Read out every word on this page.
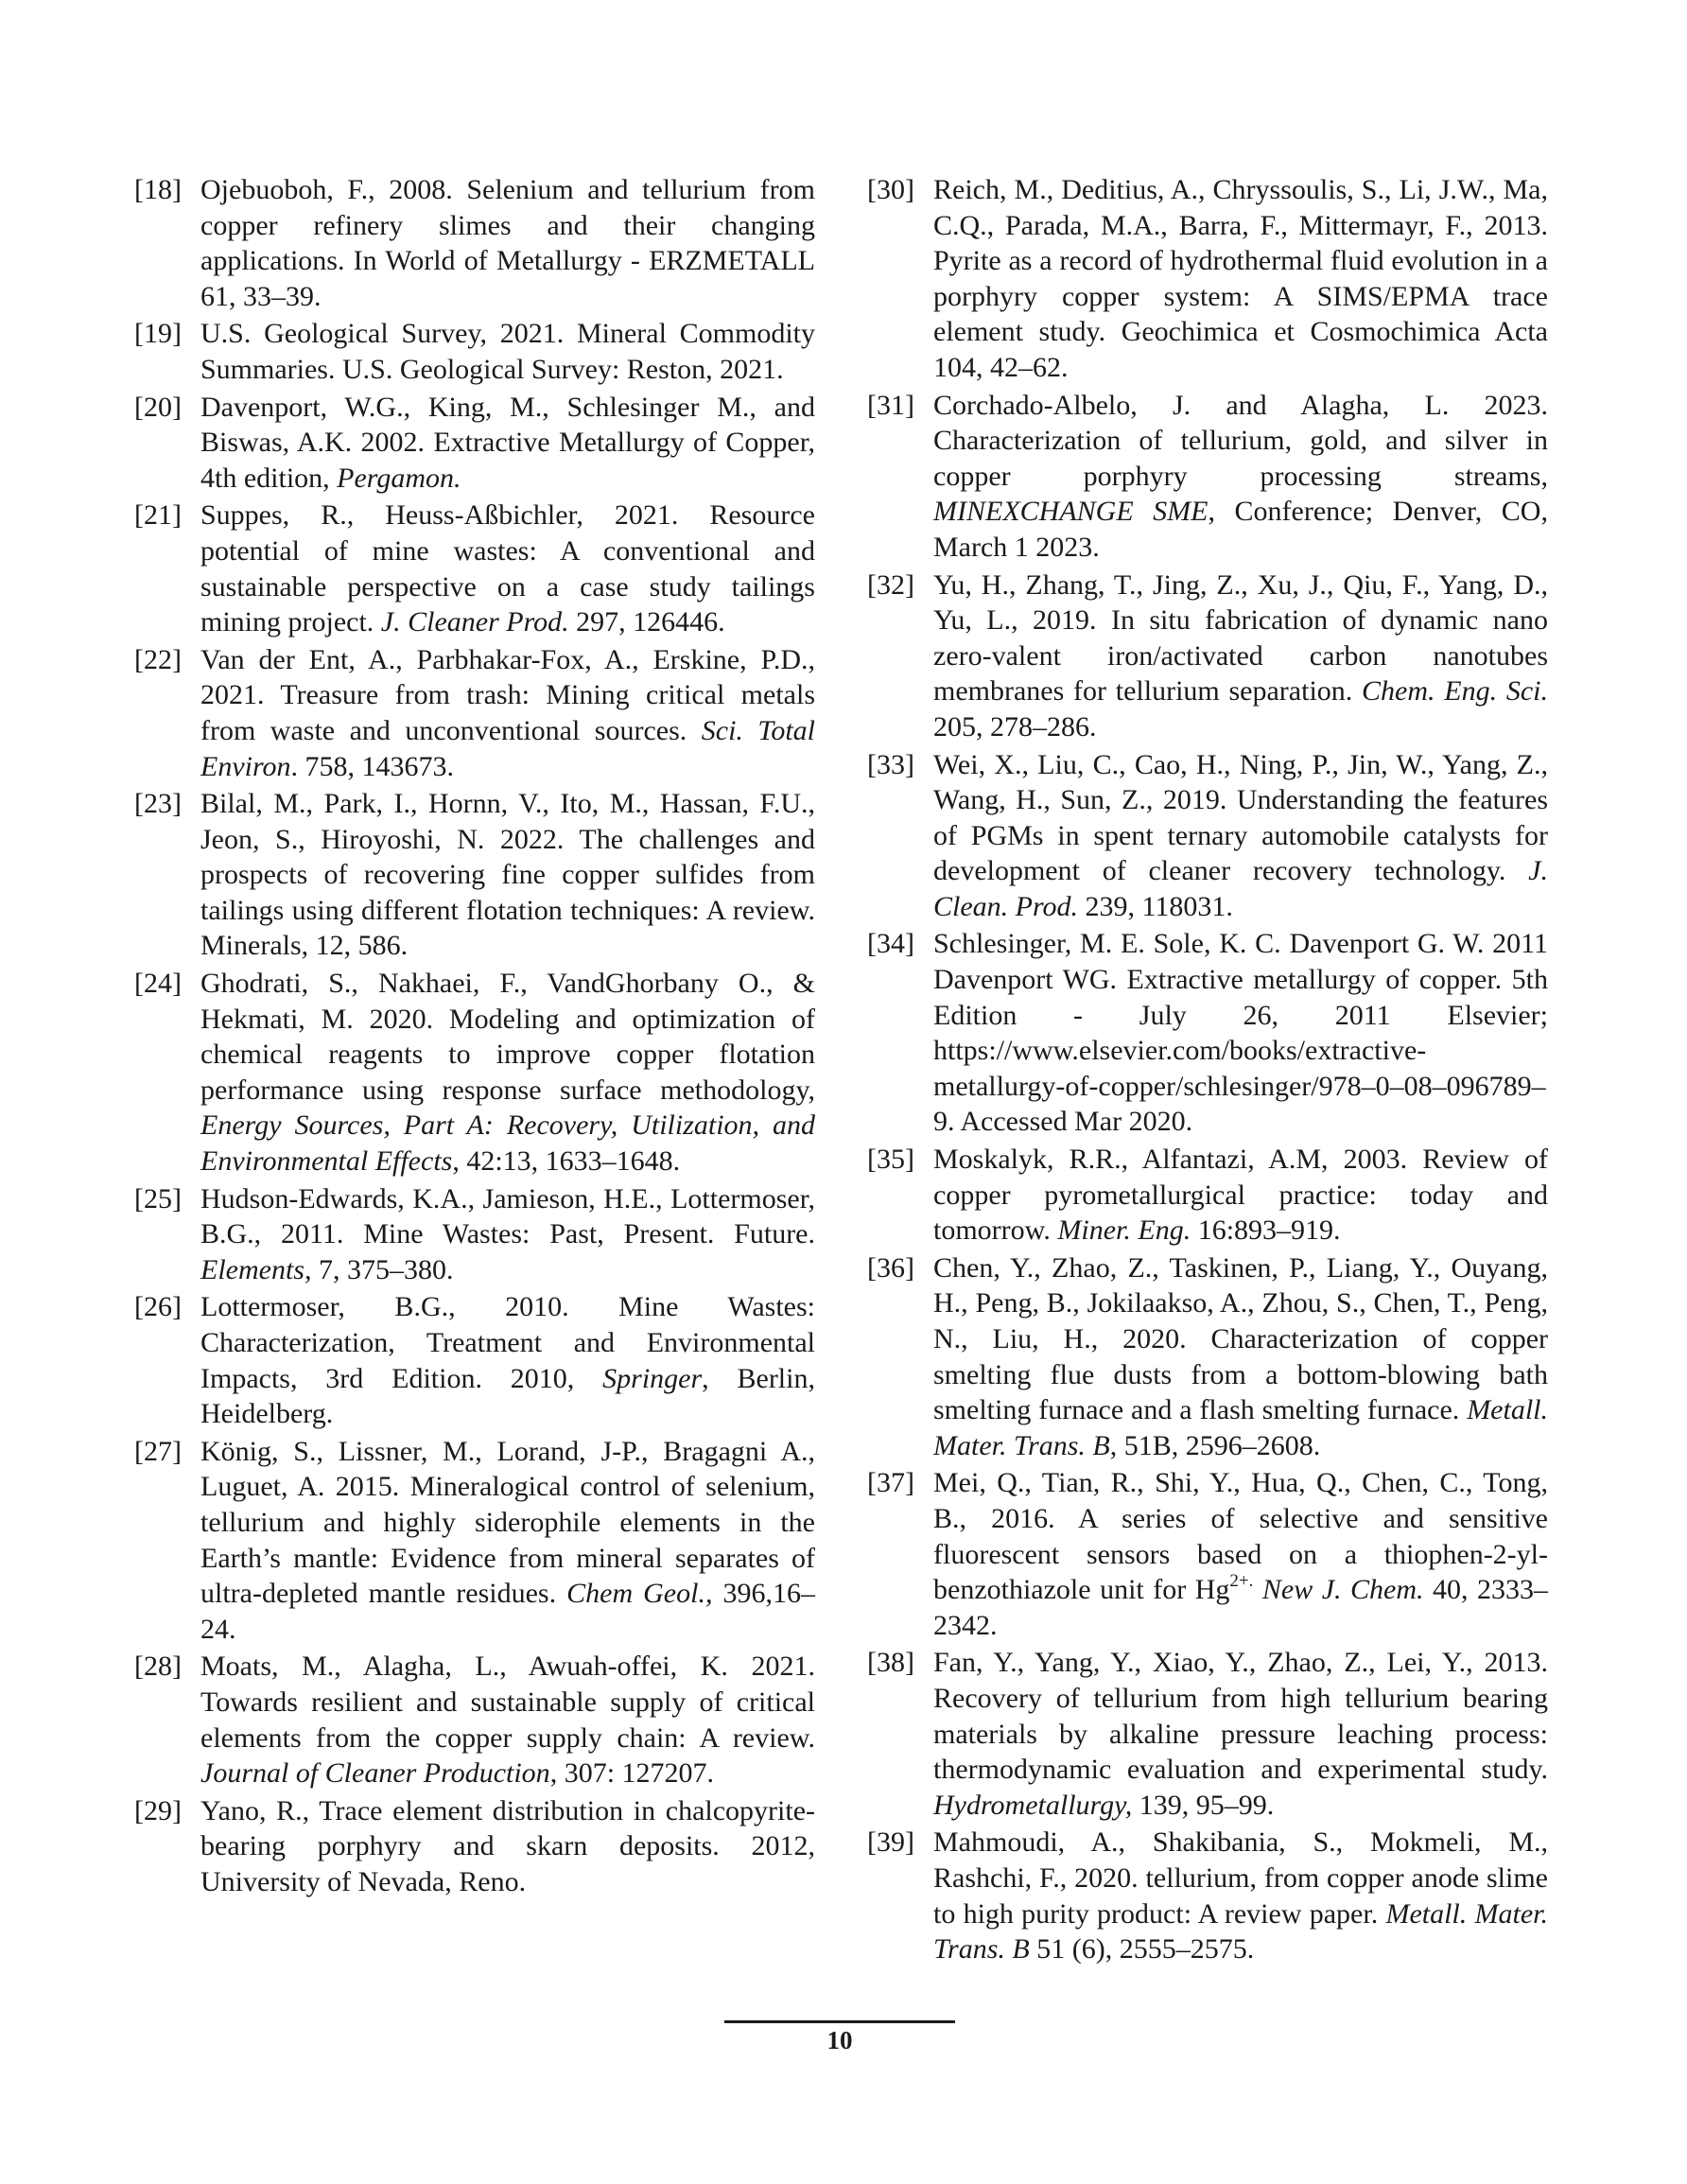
[18] Ojebuoboh, F., 2008. Selenium and tellurium from copper refinery slimes and their changing applications. In World of Metallurgy - ERZMETALL 61, 33–39.
[19] U.S. Geological Survey, 2021. Mineral Commodity Summaries. U.S. Geological Survey: Reston, 2021.
[20] Davenport, W.G., King, M., Schlesinger M., and Biswas, A.K. 2002. Extractive Metallurgy of Copper, 4th edition, Pergamon.
[21] Suppes, R., Heuss-Aßbichler, 2021. Resource potential of mine wastes: A conventional and sustainable perspective on a case study tailings mining project. J. Cleaner Prod. 297, 126446.
[22] Van der Ent, A., Parbhakar-Fox, A., Erskine, P.D., 2021. Treasure from trash: Mining critical metals from waste and unconventional sources. Sci. Total Environ. 758, 143673.
[23] Bilal, M., Park, I., Hornn, V., Ito, M., Hassan, F.U., Jeon, S., Hiroyoshi, N. 2022. The challenges and prospects of recovering fine copper sulfides from tailings using different flotation techniques: A review. Minerals, 12, 586.
[24] Ghodrati, S., Nakhaei, F., VandGhorbany O., & Hekmati, M. 2020. Modeling and optimization of chemical reagents to improve copper flotation performance using response surface methodology, Energy Sources, Part A: Recovery, Utilization, and Environmental Effects, 42:13, 1633–1648.
[25] Hudson-Edwards, K.A., Jamieson, H.E., Lottermoser, B.G., 2011. Mine Wastes: Past, Present. Future. Elements, 7, 375–380.
[26] Lottermoser, B.G., 2010. Mine Wastes: Characterization, Treatment and Environmental Impacts, 3rd Edition. 2010, Springer, Berlin, Heidelberg.
[27] König, S., Lissner, M., Lorand, J-P., Bragagni A., Luguet, A. 2015. Mineralogical control of selenium, tellurium and highly siderophile elements in the Earth’s mantle: Evidence from mineral separates of ultra-depleted mantle residues. Chem Geol., 396,16–24.
[28] Moats, M., Alagha, L., Awuah-offei, K. 2021. Towards resilient and sustainable supply of critical elements from the copper supply chain: A review. Journal of Cleaner Production, 307: 127207.
[29] Yano, R., Trace element distribution in chalcopyrite-bearing porphyry and skarn deposits. 2012, University of Nevada, Reno.
[30] Reich, M., Deditius, A., Chryssoulis, S., Li, J.W., Ma, C.Q., Parada, M.A., Barra, F., Mittermayr, F., 2013. Pyrite as a record of hydrothermal fluid evolution in a porphyry copper system: A SIMS/EPMA trace element study. Geochimica et Cosmochimica Acta 104, 42–62.
[31] Corchado-Albelo, J. and Alagha, L. 2023. Characterization of tellurium, gold, and silver in copper porphyry processing streams, MINEXCHANGE SME, Conference; Denver, CO, March 1 2023.
[32] Yu, H., Zhang, T., Jing, Z., Xu, J., Qiu, F., Yang, D., Yu, L., 2019. In situ fabrication of dynamic nano zero-valent iron/activated carbon nanotubes membranes for tellurium separation. Chem. Eng. Sci. 205, 278–286.
[33] Wei, X., Liu, C., Cao, H., Ning, P., Jin, W., Yang, Z., Wang, H., Sun, Z., 2019. Understanding the features of PGMs in spent ternary automobile catalysts for development of cleaner recovery technology. J. Clean. Prod. 239, 118031.
[34] Schlesinger, M. E. Sole, K. C. Davenport G. W. 2011 Davenport WG. Extractive metallurgy of copper. 5th Edition - July 26, 2011 Elsevier; https://www.elsevier.com/books/extractive-metallurgy-of-copper/schlesinger/978–0–08–096789–9. Accessed Mar 2020.
[35] Moskalyk, R.R., Alfantazi, A.M, 2003. Review of copper pyrometallurgical practice: today and tomorrow. Miner. Eng. 16:893–919.
[36] Chen, Y., Zhao, Z., Taskinen, P., Liang, Y., Ouyang, H., Peng, B., Jokilaakso, A., Zhou, S., Chen, T., Peng, N., Liu, H., 2020. Characterization of copper smelting flue dusts from a bottom-blowing bath smelting furnace and a flash smelting furnace. Metall. Mater. Trans. B, 51B, 2596–2608.
[37] Mei, Q., Tian, R., Shi, Y., Hua, Q., Chen, C., Tong, B., 2016. A series of selective and sensitive fluorescent sensors based on a thiophen-2-yl-benzothiazole unit for $Hg^{2+.}$ New J. Chem. 40, 2333–2342.
[38] Fan, Y., Yang, Y., Xiao, Y., Zhao, Z., Lei, Y., 2013. Recovery of tellurium from high tellurium bearing materials by alkaline pressure leaching process: thermodynamic evaluation and experimental study. Hydrometallurgy, 139, 95–99.
[39] Mahmoudi, A., Shakibania, S., Mokmeli, M., Rashchi, F., 2020. tellurium, from copper anode slime to high purity product: A review paper. Metall. Mater. Trans. B 51 (6), 2555–2575.
10
